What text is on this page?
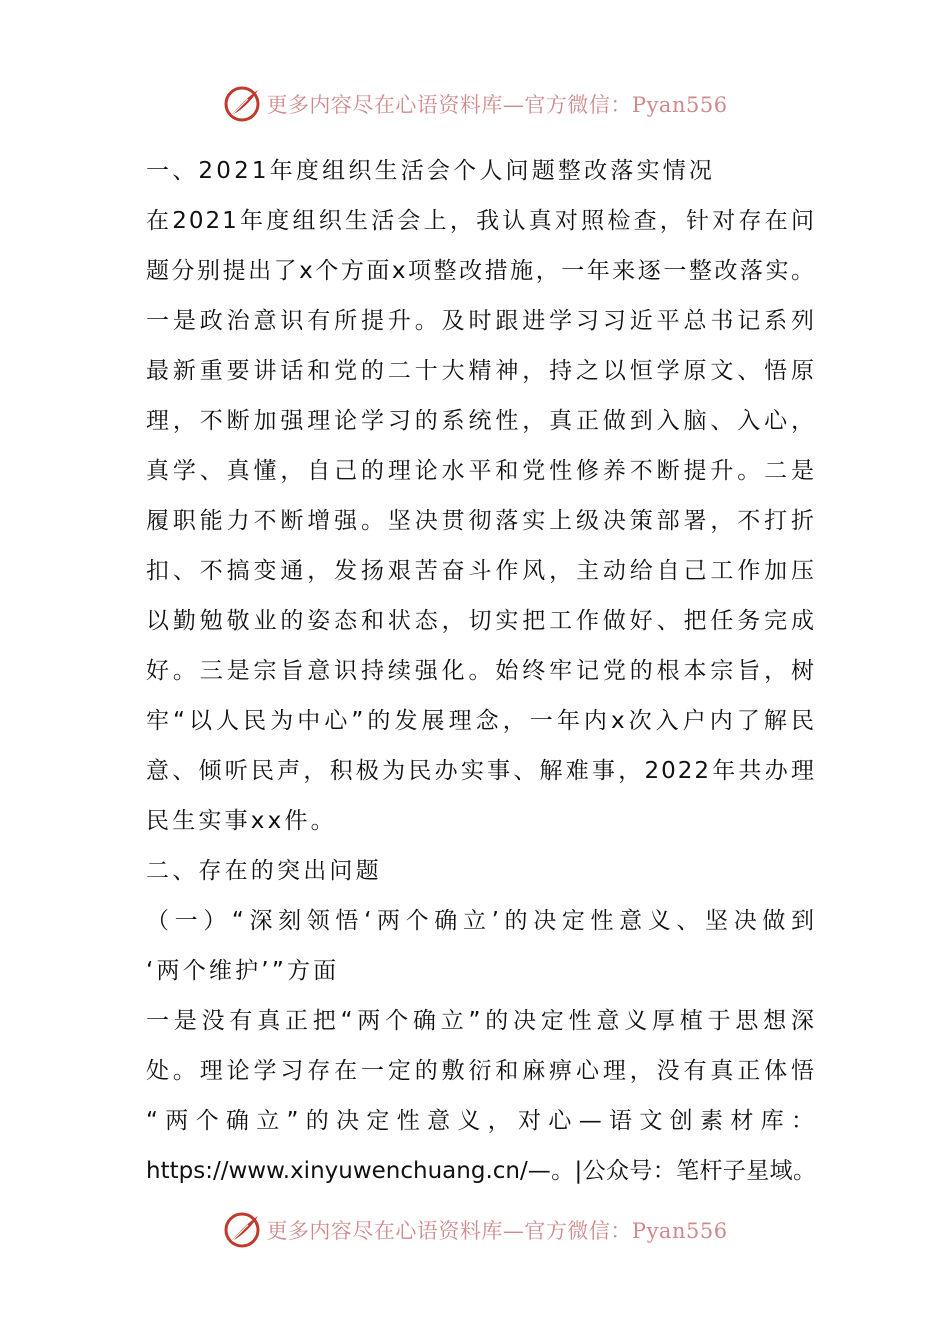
更多内容尽在心语资料库—官方微信：Pyan556
一、2021年度组织生活会个人问题整改落实情况
在2021年度组织生活会上，我认真对照检查，针对存在问
题分别提出了x个方面x项整改措施，一年来逐一整改落实。
一是政治意识有所提升。及时跟进学习习近平总书记系列
最新重要讲话和党的二十大精神，持之以恒学原文、悟原
理，不断加强理论学习的系统性，真正做到入脑、入心，
真学、真懂，自己的理论水平和党性修养不断提升。二是
履职能力不断增强。坚决贯彻落实上级决策部署，不打折
扣、不搞变通，发扬艰苦奋斗作风，主动给自己工作加压
以勤勉敬业的姿态和状态，切实把工作做好、把任务完成
好。三是宗旨意识持续强化。始终牢记党的根本宗旨，树
牢“以人民为中心”的发展理念，一年内x次入户内了解民
意、倾听民声，积极为民办实事、解难事，2022年共办理
民生实事xx件。
二、存在的突出问题
（一）“深刻领悟‘两个确立’的决定性意义、坚决做到
‘两个维护’”方面
一是没有真正把“两个确立”的决定性意义厚植于思想深
处。理论学习存在一定的敷衍和麻痹心理，没有真正体悟
“两个确立”的决定性意义，对心—语文创素材库：
https://www.xinyuwenchuang.cn/—。|公众号：笔杆子星域。
更多内容尽在心语资料库—官方微信：Pyan556
